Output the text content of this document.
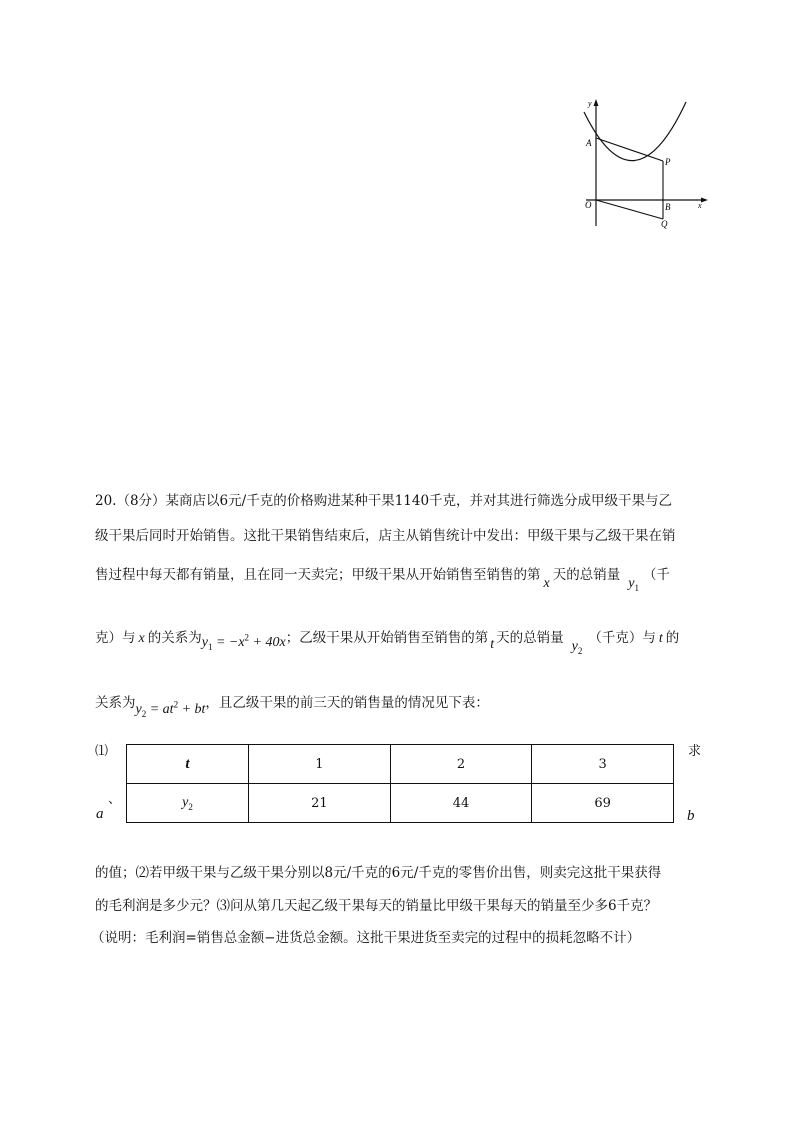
y
A
P
O	B
Q
x
20.（8分）某商店以6元/千克的价格购进某种干果1140千克，并对其进行筛选分成甲级干果与乙
级干果后同时开始销售。这批干果销售结束后，店主从销售统计中发出：甲级干果与乙级干果在销
售过程中每天都有销量，且在同一天卖完；甲级干果从开始销售至销售的第x天的总销量$y_1$（千
克）与 x 的关系为$y_1 = -x^2 + 40x$；乙级干果从开始销售至销售的第 t 天的总销量$y_2$（千克）与 t 的
关系为$y_2 = at^2$ + bt，且乙级干果的前三天的销售量的情况见下表：
⑴
、
a
求
b
t	1	2	3
$y_2$	21	44	69
的值；⑵若甲级干果与乙级干果分别以8元/千克的6元/千克的零售价出售，则卖完这批干果获得
的毛利润是多少元？⑶问从第几天起乙级干果每天的销量比甲级干果每天的销量至少多6千克？
（说明：毛利润=销售总金额−进货总金额。这批干果进货至卖完的过程中的损耗忽略不计）
